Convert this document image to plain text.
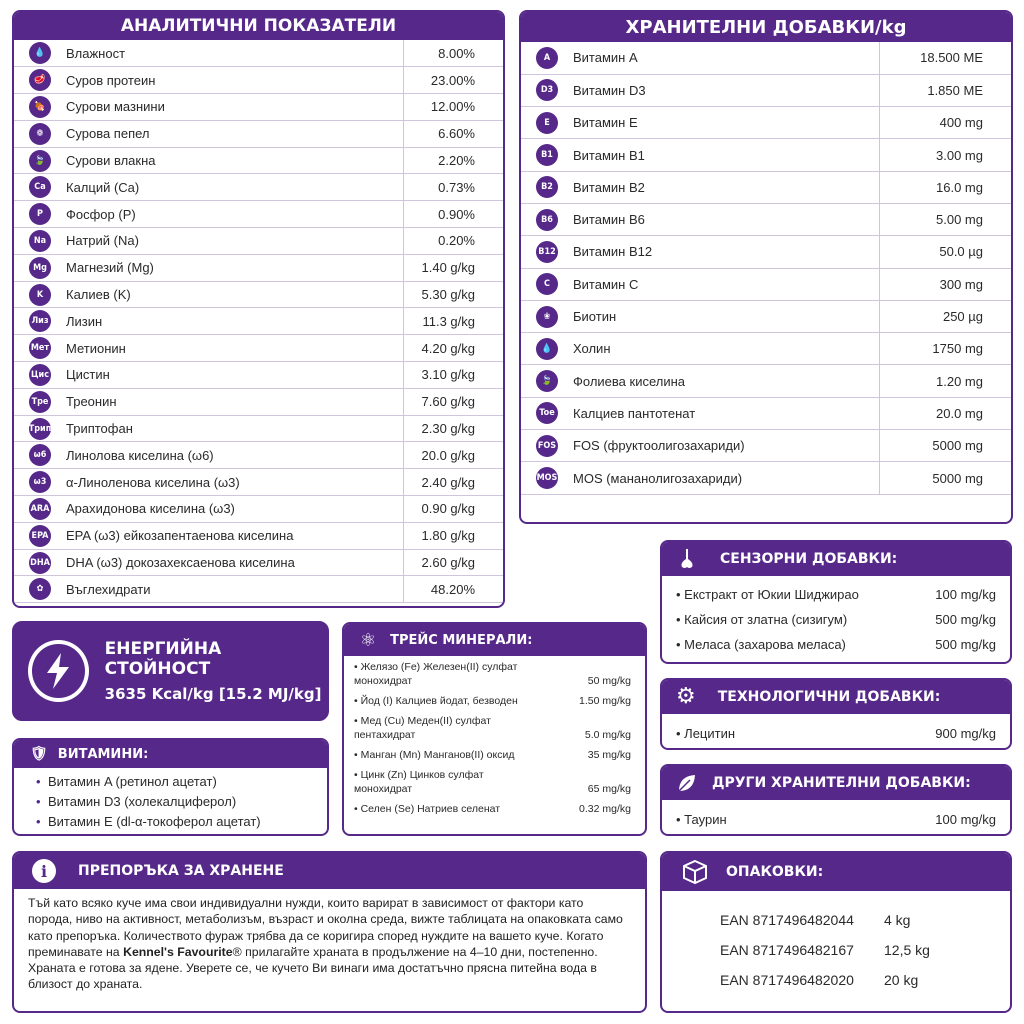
АНАЛИТИЧНИ ПОКАЗАТЕЛИ
💧	Влажност	8.00%
🥩	Суров протеин	23.00%
🍖	Сурови мазнини	12.00%
❁	Сурова пепел	6.60%
🍃	Сурови влакна	2.20%
Ca	Калций (Ca)	0.73%
P	Фосфор (P)	0.90%
Na	Натрий (Na)	0.20%
Mg	Магнезий (Mg)	1.40 g/kg
K	Калиев (K)	5.30 g/kg
Лиз	Лизин	11.3 g/kg
Мет	Метионин	4.20 g/kg
Цис	Цистин	3.10 g/kg
Тре	Треонин	7.60 g/kg
Трип	Триптофан	2.30 g/kg
ω6	Линолова киселина (ω6)	20.0 g/kg
ω3	α-Линоленова киселина (ω3)	2.40 g/kg
ARA	Арахидонова киселина (ω3)	0.90 g/kg
EPA	EPA (ω3) ейкозапентаенова киселина	1.80 g/kg
DHA	DHA (ω3) докозахексаенова киселина	2.60 g/kg
✿	Въглехидрати	48.20%
ХРАНИТЕЛНИ ДОБАВКИ/kg
A	Витамин A	18.500 МЕ
D3	Витамин D3	1.850 МЕ
E	Витамин E	400 mg
B1	Витамин B1	3.00 mg
B2	Витамин B2	16.0 mg
B6	Витамин B6	5.00 mg
B12	Витамин B12	50.0 µg
C	Витамин C	300 mg
❀	Биотин	250 µg
💧	Холин	1750 mg
🍃	Фолиева киселина	1.20 mg
Toe	Калциев пантотенат	20.0 mg
FOS	FOS (фруктоолигозахариди)	5000 mg
MOS	MOS (манaнолигозахариди)	5000 mg
СЕНЗОРНИ ДОБАВКИ:
• Екстракт от Юкии Шиджирао	100 mg/kg
• Кайсия от златна (сизигум)	500 mg/kg
• Меласа (захарова меласа)	500 mg/kg
⚙ ТЕХНОЛОГИЧНИ ДОБАВКИ:
• Лецитин	900 mg/kg
ДРУГИ ХРАНИТЕЛНИ ДОБАВКИ:
• Таурин	100 mg/kg
ЕНЕРГИЙНА СТОЙНОСТ
3635 Kcal/kg [15.2 MJ/kg]
🛡 ВИТАМИНИ:
• Витамин A (ретинол ацетат)
• Витамин D3 (холекалциферол)
• Витамин E (dl-α-токоферол ацетат)
⚛ ТРЕЙС МИНЕРАЛИ:
• Желязо (Fe) Железен(II) сулфат монохидрат	50 mg/kg
• Йод (I) Калциев йодат, безводен	1.50 mg/kg
• Мед (Cu) Меден(II) сулфат пентахидрат	5.0 mg/kg
• Манган (Mn) Манганов(II) оксид	35 mg/kg
• Цинк (Zn) Цинков сулфат монохидрат	65 mg/kg
• Селен (Se) Натриев селенат	0.32 mg/kg
i	ПРЕПОРЪКА ЗА ХРАНЕНЕ

Тъй като всяко куче има свои индивидуални нужди, които варират в зависимост от фактори като порода, ниво на активност, метаболизъм, възраст и околна среда, вижте таблицата на опаковката само като препоръка. Количеството фураж трябва да се коригира според нуждите на вашето куче. Когато преминавате на Kennel's Favourite® прилагайте храната в продължение на 4–10 дни, постепенно. Храната е готова за ядене. Уверете се, че кучето Ви винаги има достатъчно прясна питейна вода в близост до храната.

ОПАКОВКИ:
EAN 8717496482044	4 kg
EAN 8717496482167	12,5 kg
EAN 8717496482020	20 kg
